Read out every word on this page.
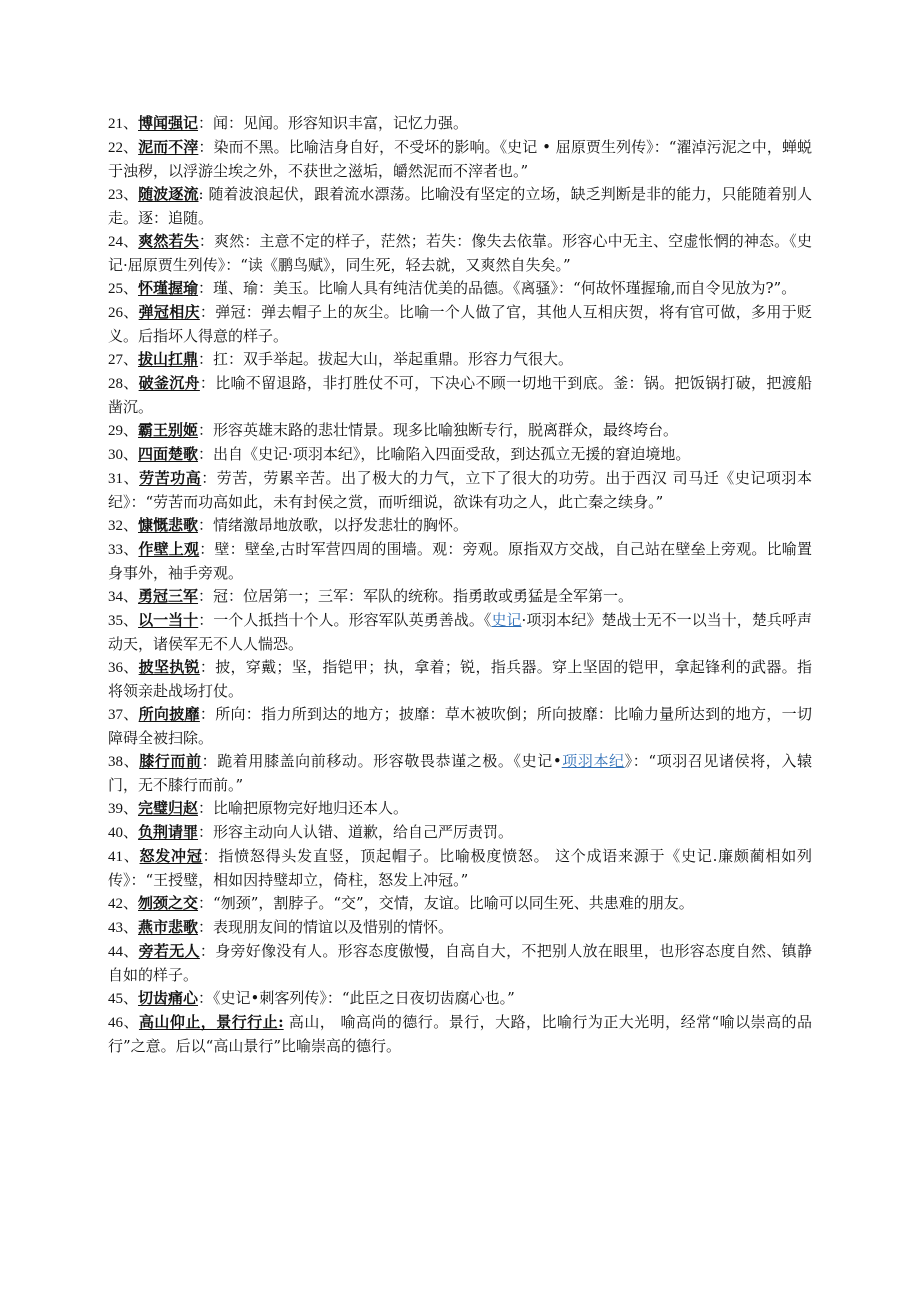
21、博闻强记：闻：见闻。形容知识丰富，记忆力强。

22、泥而不滓：染而不黑。比喻洁身自好，不受坏的影响。《史记 • 屈原贾生列传》：“濯淖污泥之中，蝉蜕于浊秽，以浮游尘埃之外，不获世之滋垢，皭然泥而不滓者也。”

23、随波逐流: 随着波浪起伏，跟着流水漂荡。比喻没有坚定的立场，缺乏判断是非的能力，只能随着别人走。逐：追随。

24、爽然若失：爽然：主意不定的样子，茫然；若失：像失去依靠。形容心中无主、空虚怅惘的神态。《史记·屈原贾生列传》：“读《鹏鸟赋》，同生死，轻去就，又爽然自失矣。”

25、怀瑾握瑜：瑾、瑜：美玉。比喻人具有纯洁优美的品德。《离骚》：“何故怀瑾握瑜,而自令见放为?”。

26、弹冠相庆：弹冠：弹去帽子上的灰尘。比喻一个人做了官，其他人互相庆贺，将有官可做，多用于贬义。后指坏人得意的样子。

27、拔山扛鼎：扛：双手举起。拔起大山，举起重鼎。形容力气很大。

28、破釜沉舟：比喻不留退路，非打胜仗不可，下决心不顾一切地干到底。釜：锅。把饭锅打破，把渡船凿沉。

29、霸王别姬：形容英雄末路的悲壮情景。现多比喻独断专行，脱离群众，最终垮台。

30、四面楚歌：出自《史记·项羽本纪》，比喻陷入四面受敌，到达孤立无援的窘迫境地。

31、劳苦功高：劳苦，劳累辛苦。出了极大的力气，立下了很大的功劳。出于西汉 司马迁《史记项羽本纪》：“劳苦而功高如此，未有封侯之赏，而听细说，欲诛有功之人，此亡秦之续身。”

32、慷慨悲歌：情绪激昂地放歌，以抒发悲壮的胸怀。

33、作壁上观：壁：壁垒,古时军营四周的围墙。观：旁观。原指双方交战，自己站在壁垒上旁观。比喻置身事外，袖手旁观。

34、勇冠三军：冠：位居第一；三军：军队的统称。指勇敢或勇猛是全军第一。

35、以一当十：一个人抵挡十个人。形容军队英勇善战。《史记·项羽本纪》楚战士无不一以当十，楚兵呼声动天，诸侯军无不人人惴恐。

36、披坚执锐：披，穿戴；坚，指铠甲；执，拿着；锐，指兵器。穿上坚固的铠甲，拿起锋利的武器。指将领亲赴战场打仗。

37、所向披靡：所向：指力所到达的地方；披靡：草木被吹倒；所向披靡：比喻力量所达到的地方，一切障碍全被扫除。

38、膝行而前：跪着用膝盖向前移动。形容敬畏恭谨之极。《史记•项羽本纪》：“项羽召见诸侯将，入辕门，无不膝行而前。”

39、完璧归赵：比喻把原物完好地归还本人。

40、负荆请罪：形容主动向人认错、道歉，给自己严厉责罚。

41、怒发冲冠：指愤怒得头发直竖，顶起帽子。比喻极度愤怒。 这个成语来源于《史记.廉颇蔺相如列传》：“王授璧，相如因持璧却立，倚柱，怒发上冲冠。”

42、刎颈之交：“刎颈”，割脖子。“交”，交情，友谊。比喻可以同生死、共患难的朋友。

43、燕市悲歌：表现朋友间的情谊以及惜别的情怀。

44、旁若无人：身旁好像没有人。形容态度傲慢，自高自大，不把别人放在眼里，也形容态度自然、镇静自如的样子。

45、切齿痛心：《史记•刺客列传》：“此臣之日夜切齿腐心也。”

46、高山仰止，景行行止: 高山， 喻高尚的德行。景行，大路，比喻行为正大光明，经常“喻以崇高的品行”之意。后以“高山景行”比喻崇高的德行。
